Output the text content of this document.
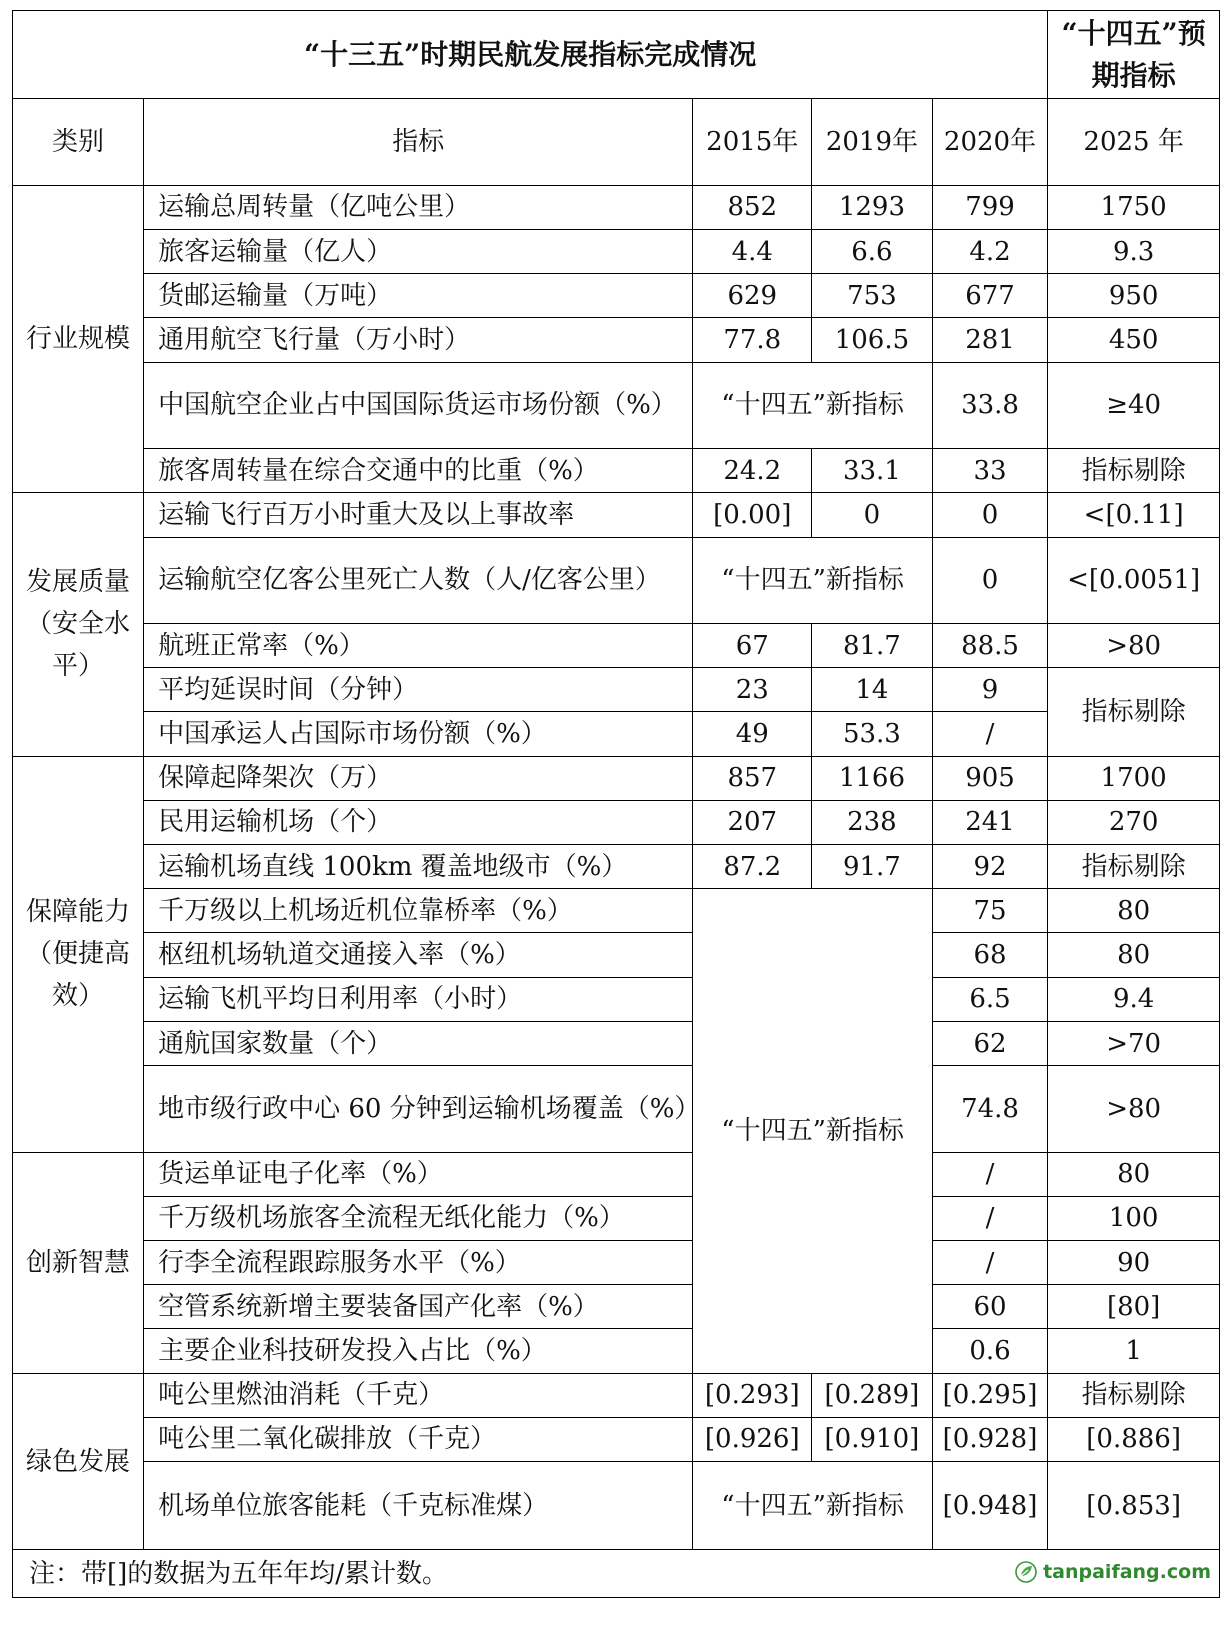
“十三五”时期民航发展指标完成情况					“十四五”预期指标
类别	指标	2015年	2019年	2020年	2025 年
行业规模	运输总周转量（亿吨公里）	852	1293	799	1750
	旅客运输量（亿人）	4.4	6.6	4.2	9.3
	货邮运输量（万吨）	629	753	677	950
	通用航空飞行量（万小时）	77.8	106.5	281	450
	中国航空企业占中国国际货运市场份额（%）	“十四五”新指标		33.8	≥40
	旅客周转量在综合交通中的比重（%）	24.2	33.1	33	指标剔除
发展质量（安全水平）	运输飞行百万小时重大及以上事故率	[0.00]	0	0	<[0.11]
	运输航空亿客公里死亡人数（人/亿客公里）	“十四五”新指标		0	<[0.0051]
	航班正常率（%）	67	81.7	88.5	>80
	平均延误时间（分钟）	23	14	9	指标剔除
	中国承运人占国际市场份额（%）	49	53.3	/	
保障能力（便捷高效）	保障起降架次（万）	857	1166	905	1700
	民用运输机场（个）	207	238	241	270
	运输机场直线 100km 覆盖地级市（%）	87.2	91.7	92	指标剔除
	千万级以上机场近机位靠桥率（%）	“十四五”新指标		75	80
	枢纽机场轨道交通接入率（%）			68	80
	运输飞机平均日利用率（小时）			6.5	9.4
	通航国家数量（个）			62	>70
	地市级行政中心 60 分钟到运输机场覆盖（%）			74.8	>80
创新智慧	货运单证电子化率（%）			/	80
	千万级机场旅客全流程无纸化能力（%）			/	100
	行李全流程跟踪服务水平（%）			/	90
	空管系统新增主要装备国产化率（%）			60	[80]
	主要企业科技研发投入占比（%）			0.6	1
绿色发展	吨公里燃油消耗（千克）	[0.293]	[0.289]	[0.295]	指标剔除
	吨公里二氧化碳排放（千克）	[0.926]	[0.910]	[0.928]	[0.886]
	机场单位旅客能耗（千克标准煤）	“十四五”新指标		[0.948]	[0.853]
注：带[]的数据为五年年均/累计数。				tanpaifang.com	
